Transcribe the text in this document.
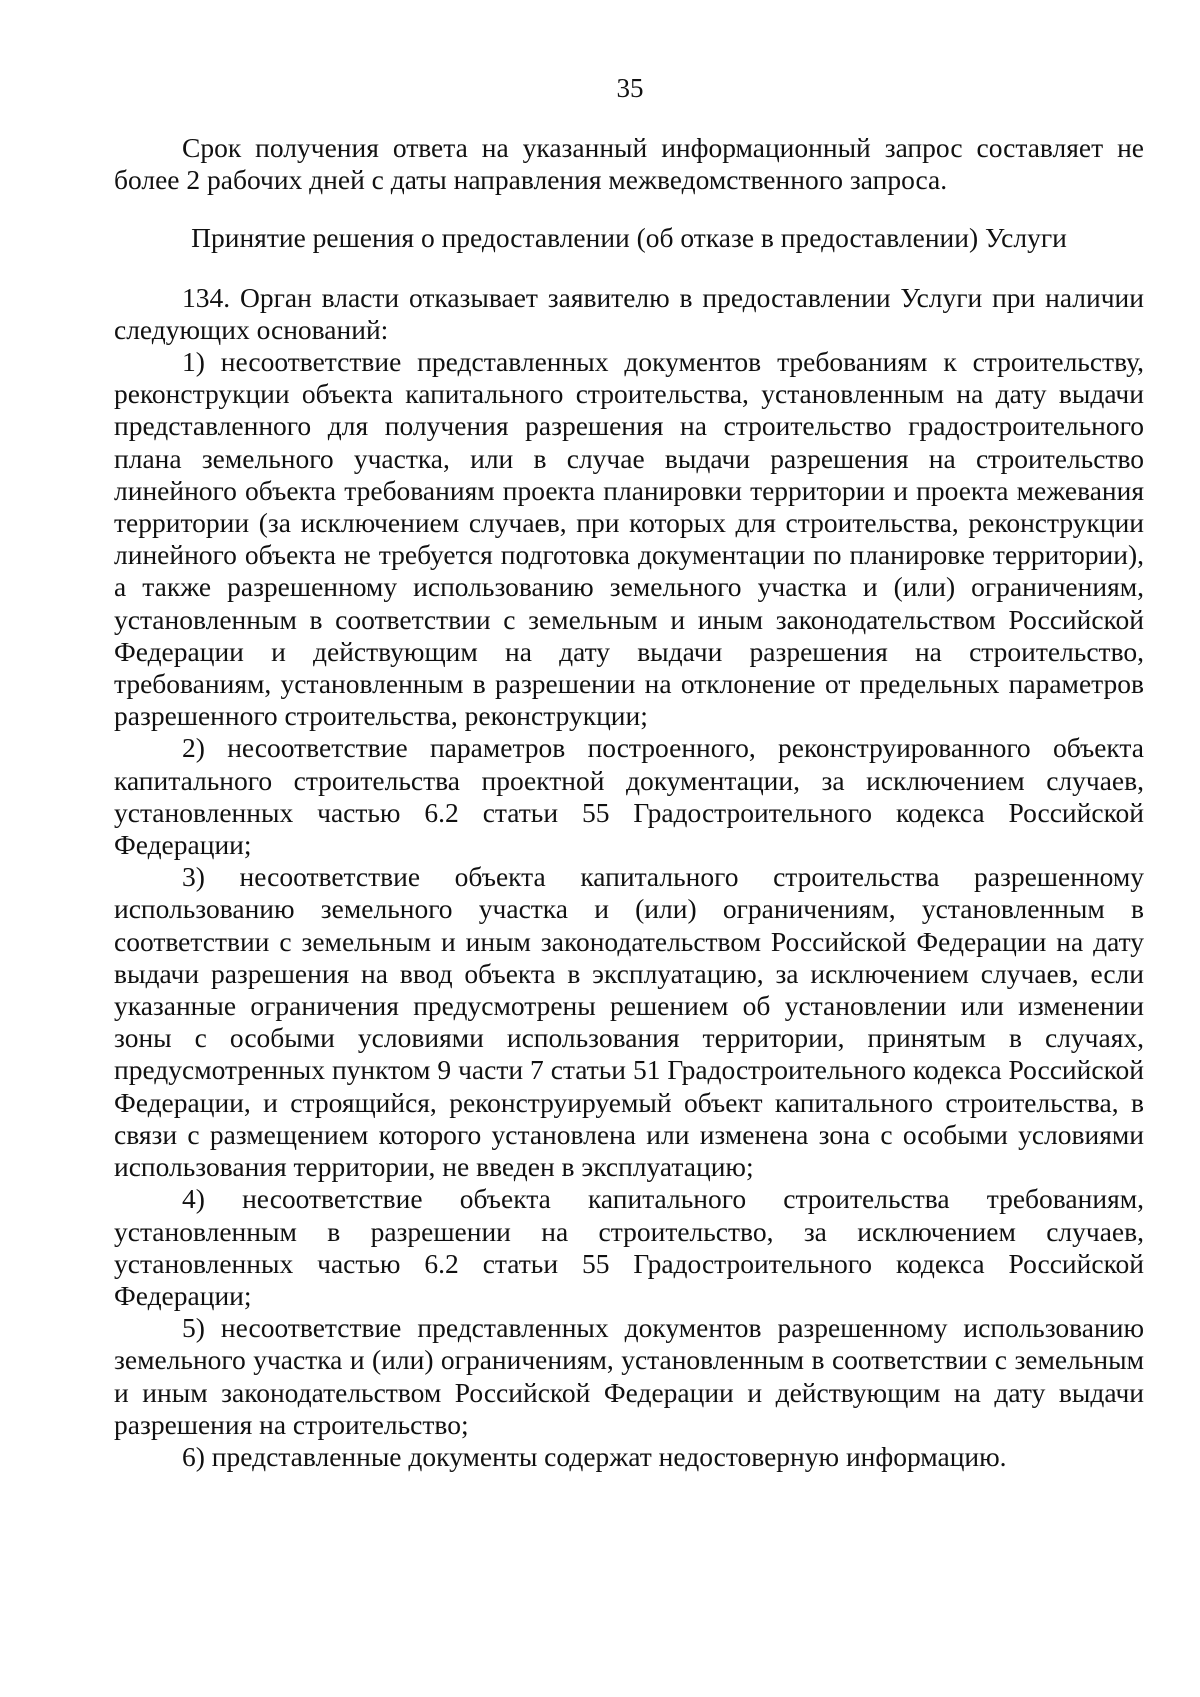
35

Срок получения ответа на указанный информационный запрос составляет не более 2 рабочих дней с даты направления межведомственного запроса.

Принятие решения о предоставлении (об отказе в предоставлении) Услуги

134. Орган власти отказывает заявителю в предоставлении Услуги при наличии следующих оснований:

1) несоответствие представленных документов требованиям к строительству, реконструкции объекта капитального строительства, установленным на дату выдачи представленного для получения разрешения на строительство градостроительного плана земельного участка, или в случае выдачи разрешения на строительство линейного объекта требованиям проекта планировки территории и проекта межевания территории (за исключением случаев, при которых для строительства, реконструкции линейного объекта не требуется подготовка документации по планировке территории), а также разрешенному использованию земельного участка и (или) ограничениям, установленным в соответствии с земельным и иным законодательством Российской Федерации и действующим на дату выдачи разрешения на строительство, требованиям, установленным в разрешении на отклонение от предельных параметров разрешенного строительства, реконструкции;

2) несоответствие параметров построенного, реконструированного объекта капитального строительства проектной документации, за исключением случаев, установленных частью 6.2 статьи 55 Градостроительного кодекса Российской Федерации;

3) несоответствие объекта капитального строительства разрешенному использованию земельного участка и (или) ограничениям, установленным в соответствии с земельным и иным законодательством Российской Федерации на дату выдачи разрешения на ввод объекта в эксплуатацию, за исключением случаев, если указанные ограничения предусмотрены решением об установлении или изменении зоны с особыми условиями использования территории, принятым в случаях, предусмотренных пунктом 9 части 7 статьи 51 Градостроительного кодекса Российской Федерации, и строящийся, реконструируемый объект капитального строительства, в связи с размещением которого установлена или изменена зона с особыми условиями использования территории, не введен в эксплуатацию;

4) несоответствие объекта капитального строительства требованиям, установленным в разрешении на строительство, за исключением случаев, установленных частью 6.2 статьи 55 Градостроительного кодекса Российской Федерации;

5) несоответствие представленных документов разрешенному использованию земельного участка и (или) ограничениям, установленным в соответствии с земельным и иным законодательством Российской Федерации и действующим на дату выдачи разрешения на строительство;

6) представленные документы содержат недостоверную информацию.
